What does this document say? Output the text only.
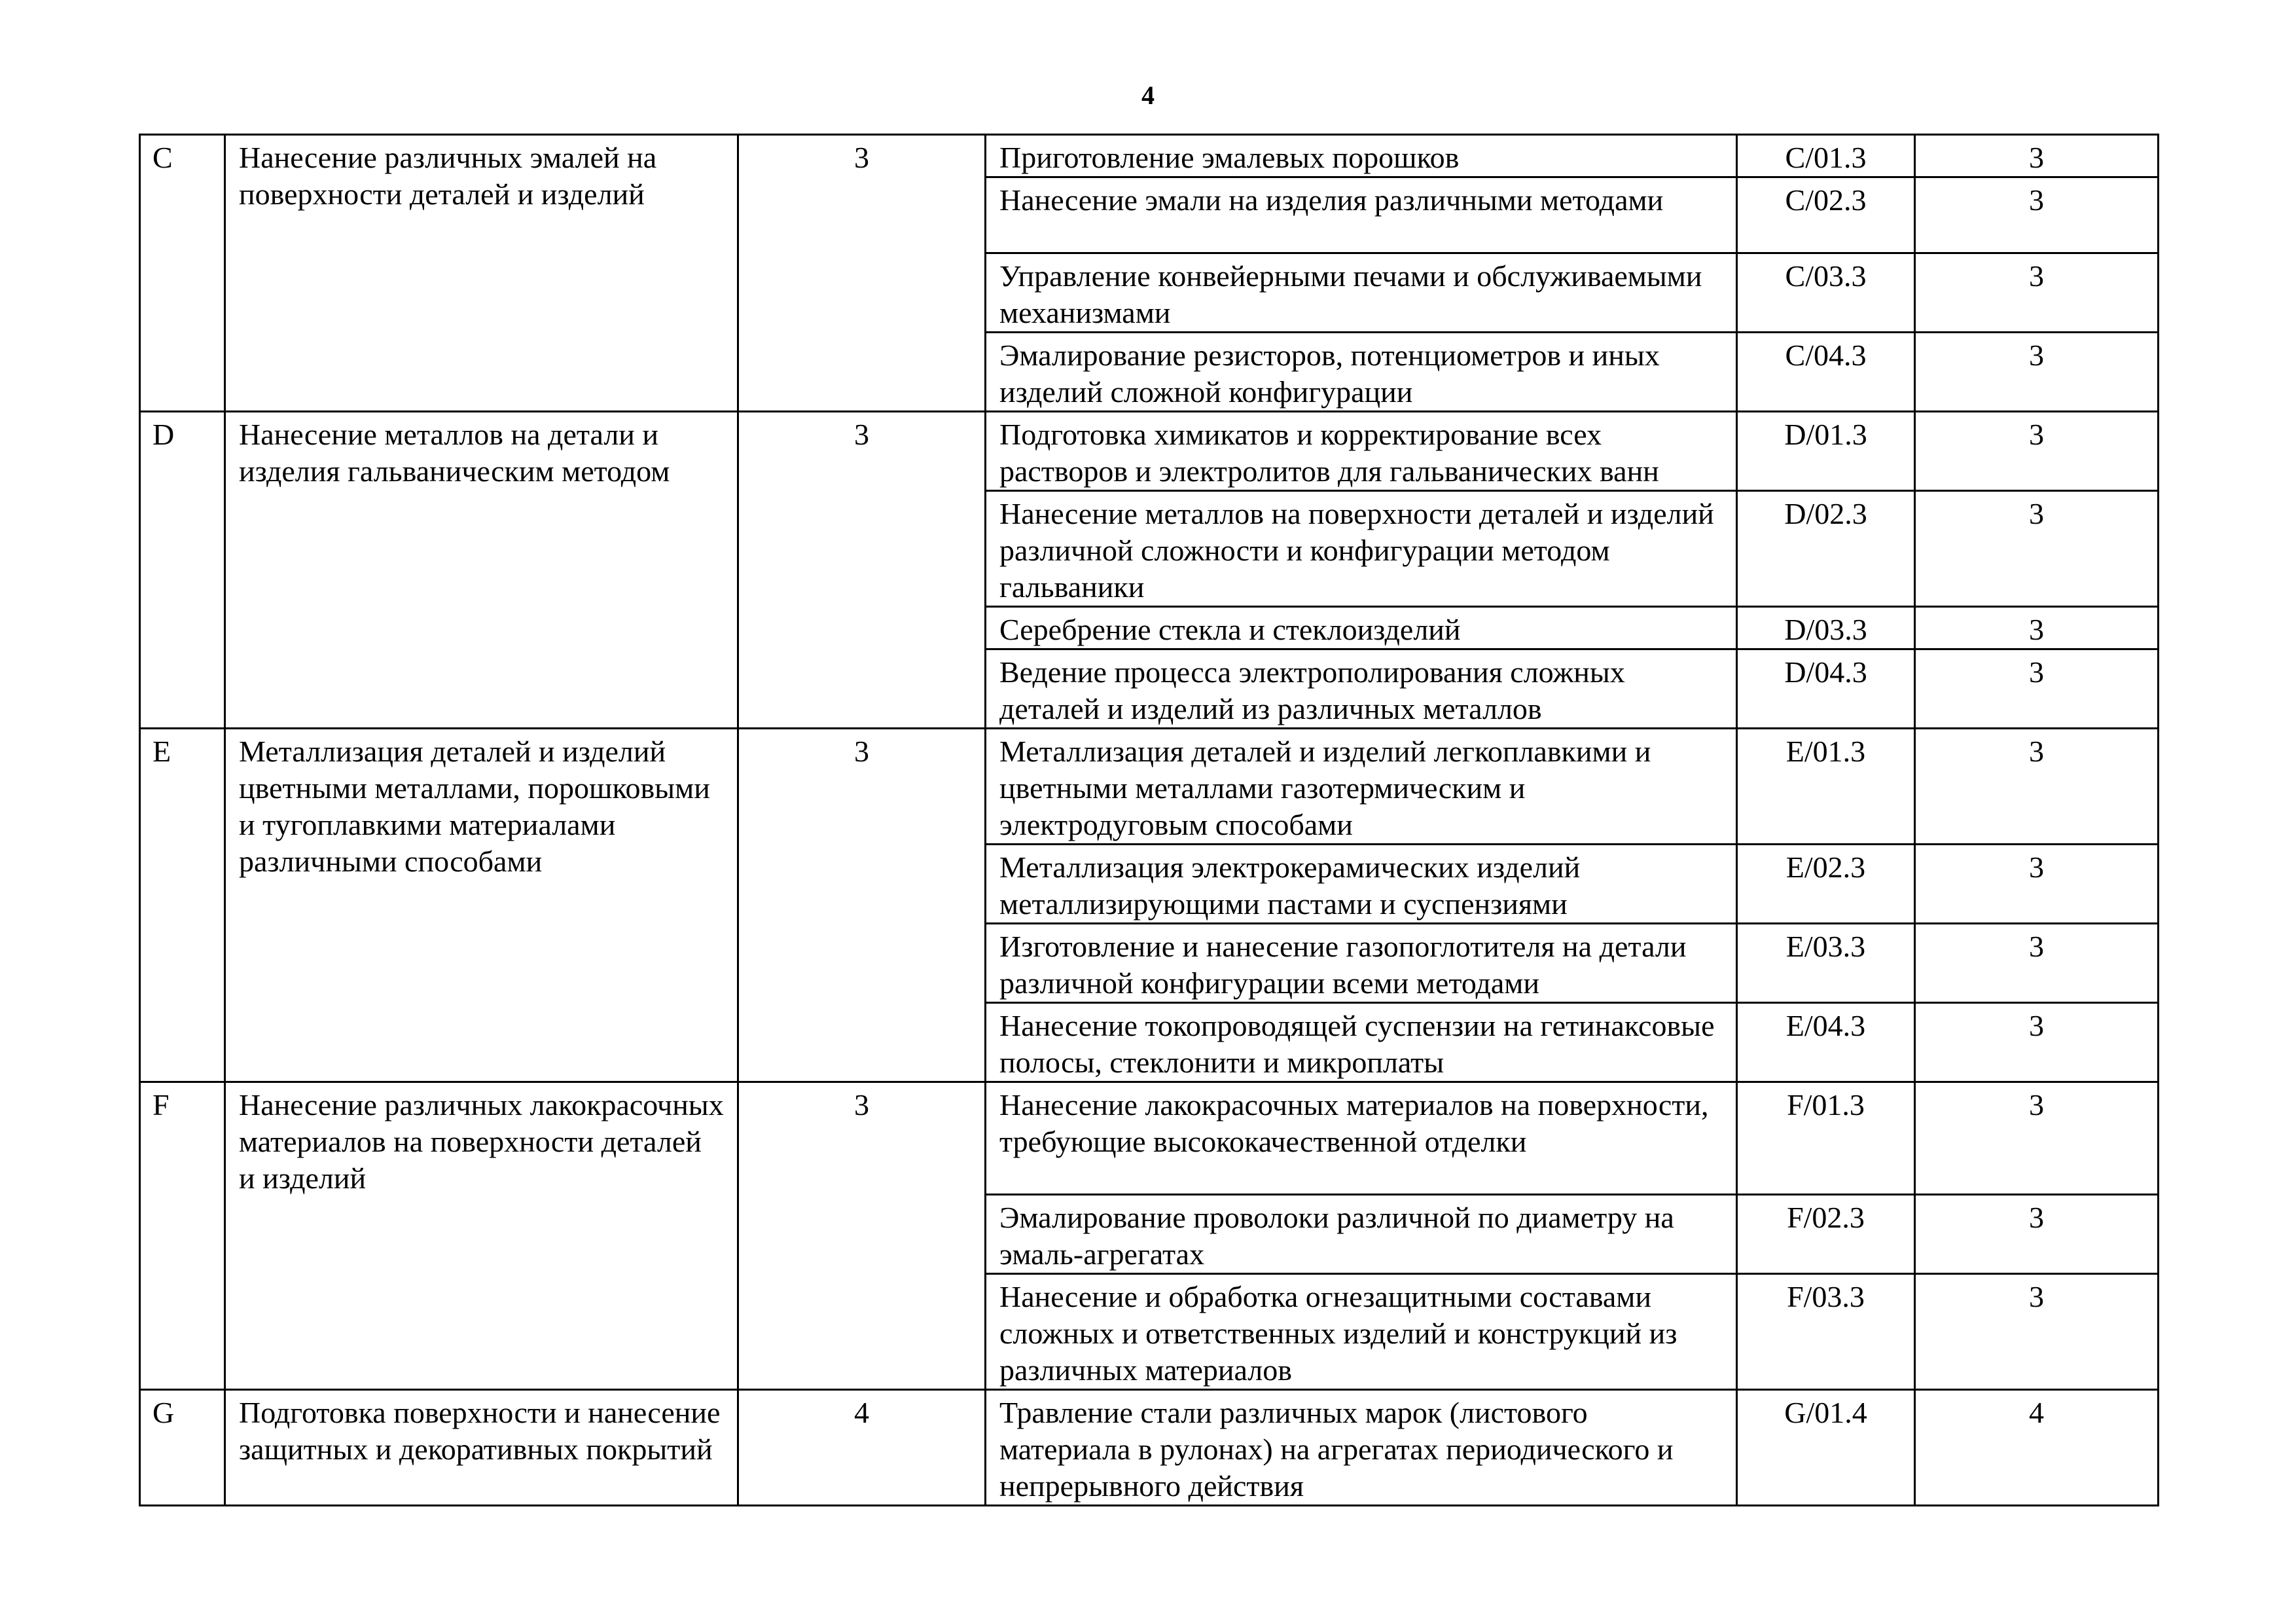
4
C	Нанесение различных эмалей на поверхности деталей и изделий	3	Приготовление эмалевых порошков	С/01.3	3
			Нанесение эмали на изделия различными методами	С/02.3	3
			Управление конвейерными печами и обслуживаемыми механизмами	С/03.3	3
			Эмалирование резисторов, потенциометров и иных изделий сложной конфигурации	С/04.3	3
D	Нанесение металлов на детали и изделия гальваническим методом	3	Подготовка химикатов и корректирование всех растворов и электролитов для гальванических ванн	D/01.3	3
			Нанесение металлов на поверхности деталей и изделий различной сложности и конфигурации методом гальваники	D/02.3	3
			Серебрение стекла и стеклоизделий	D/03.3	3
			Ведение процесса электрополирования сложных деталей и изделий из различных металлов	D/04.3	3
E	Металлизация деталей и изделий цветными металлами, порошковыми и тугоплавкими материалами различными способами	3	Металлизация деталей и изделий легкоплавкими и цветными металлами газотермическим и электродуговым способами	E/01.3	3
			Металлизация электрокерамических изделий металлизирующими пастами и суспензиями	E/02.3	3
			Изготовление и нанесение газопоглотителя на детали различной конфигурации всеми методами	E/03.3	3
			Нанесение токопроводящей суспензии на гетинаксовые полосы, стеклонити и микроплаты	E/04.3	3
F	Нанесение различных лакокрасочных материалов на поверхности деталей и изделий	3	Нанесение лакокрасочных материалов на поверхности, требующие высококачественной отделки	F/01.3	3
			Эмалирование проволоки различной по диаметру на эмаль-агрегатах	F/02.3	3
			Нанесение и обработка огнезащитными составами сложных и ответственных изделий и конструкций из различных материалов	F/03.3	3
G	Подготовка поверхности и нанесение защитных и декоративных покрытий	4	Травление стали различных марок (листового материала в рулонах) на агрегатах периодического и непрерывного действия	G/01.4	4
